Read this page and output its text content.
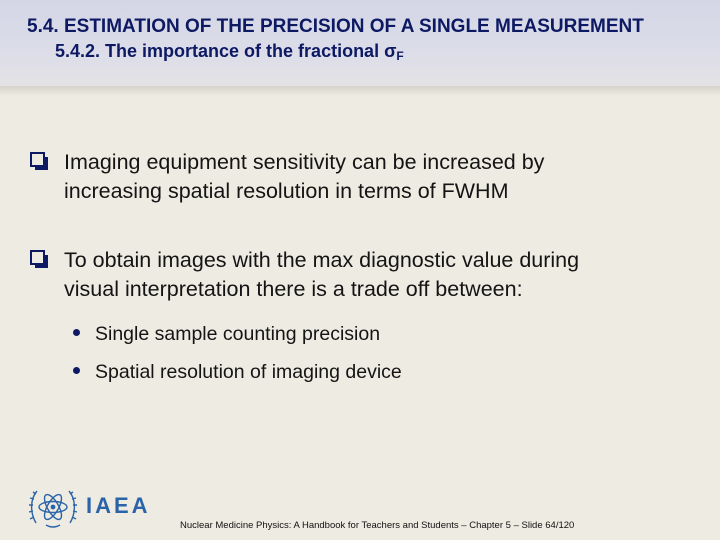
5.4. ESTIMATION OF THE PRECISION OF A SINGLE MEASUREMENT
5.4.2. The importance of the fractional $\sigma_F$
Imaging equipment sensitivity can be increased by
increasing spatial resolution in terms of FWHM
To obtain images with the max diagnostic value during
visual interpretation there is a trade off between:
Single sample counting precision
Spatial resolution of imaging device
IAEA
Nuclear Medicine Physics: A Handbook for Teachers and Students – Chapter 5 – Slide 64/120
